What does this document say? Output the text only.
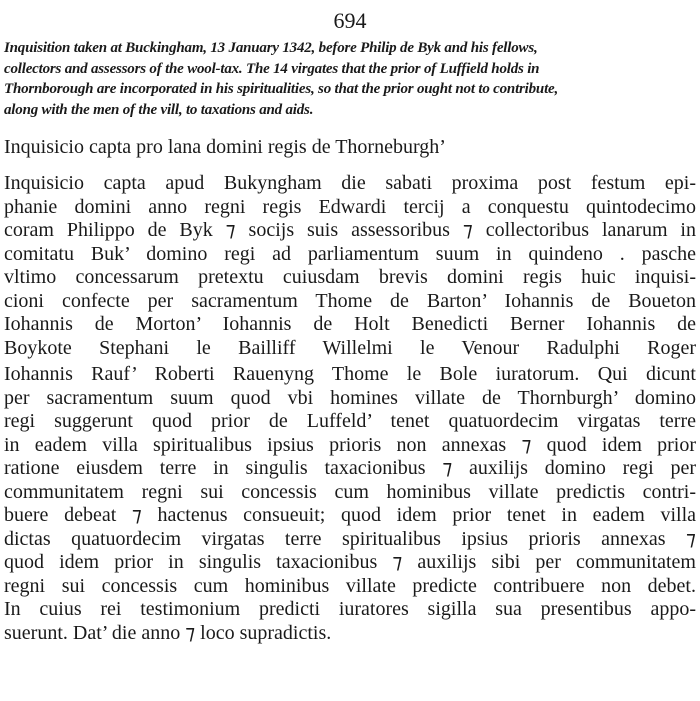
694
Inquisition taken at Buckingham, 13 January 1342, before Philip de Byk and his fellows,
collectors and assessors of the wool-tax. The 14 virgates that the prior of Luffield holds in
Thornborough are incorporated in his spiritualities, so that the prior ought not to contribute,
along with the men of the vill, to taxations and aids.
Inquisicio capta pro lana domini regis de Thorneburgh’
Inquisicio capta apud Bukyngham die sabati proxima post festum epi-
phanie domini anno regni regis Edwardi tercij a conquestu quintodecimo
coram Philippo de Byk ⁊ socijs suis assessoribus ⁊ collectoribus lanarum in
comitatu Buk’ domino regi ad parliamentum suum in quindeno . pasche
vltimo concessarum pretextu cuiusdam brevis domini regis huic inquisi-
cioni confecte per sacramentum Thome de Barton’ Iohannis de Boueton
Iohannis de Morton’ Iohannis de Holt Benedicti Berner Iohannis de
Boykote Stephani le Bailliff Willelmi le Venour Radulphi Roger
Iohannis Rauf’ Roberti Rauenyng Thome le Bole iuratorum. Qui dicunt
per sacramentum suum quod vbi homines villate de Thornburgh’ domino
regi suggerunt quod prior de Luffeld’ tenet quatuordecim virgatas terre
in eadem villa spiritualibus ipsius prioris non annexas ⁊ quod idem prior
ratione eiusdem terre in singulis taxacionibus ⁊ auxilijs domino regi per
communitatem regni sui concessis cum hominibus villate predictis contri-
buere debeat ⁊ hactenus consueuit; quod idem prior tenet in eadem villa
dictas quatuordecim virgatas terre spiritualibus ipsius prioris annexas ⁊
quod idem prior in singulis taxacionibus ⁊ auxilijs sibi per communitatem
regni sui concessis cum hominibus villate predicte contribuere non debet.
In cuius rei testimonium predicti iuratores sigilla sua presentibus appo-
suerunt. Dat’ die anno ⁊ loco supradictis.
